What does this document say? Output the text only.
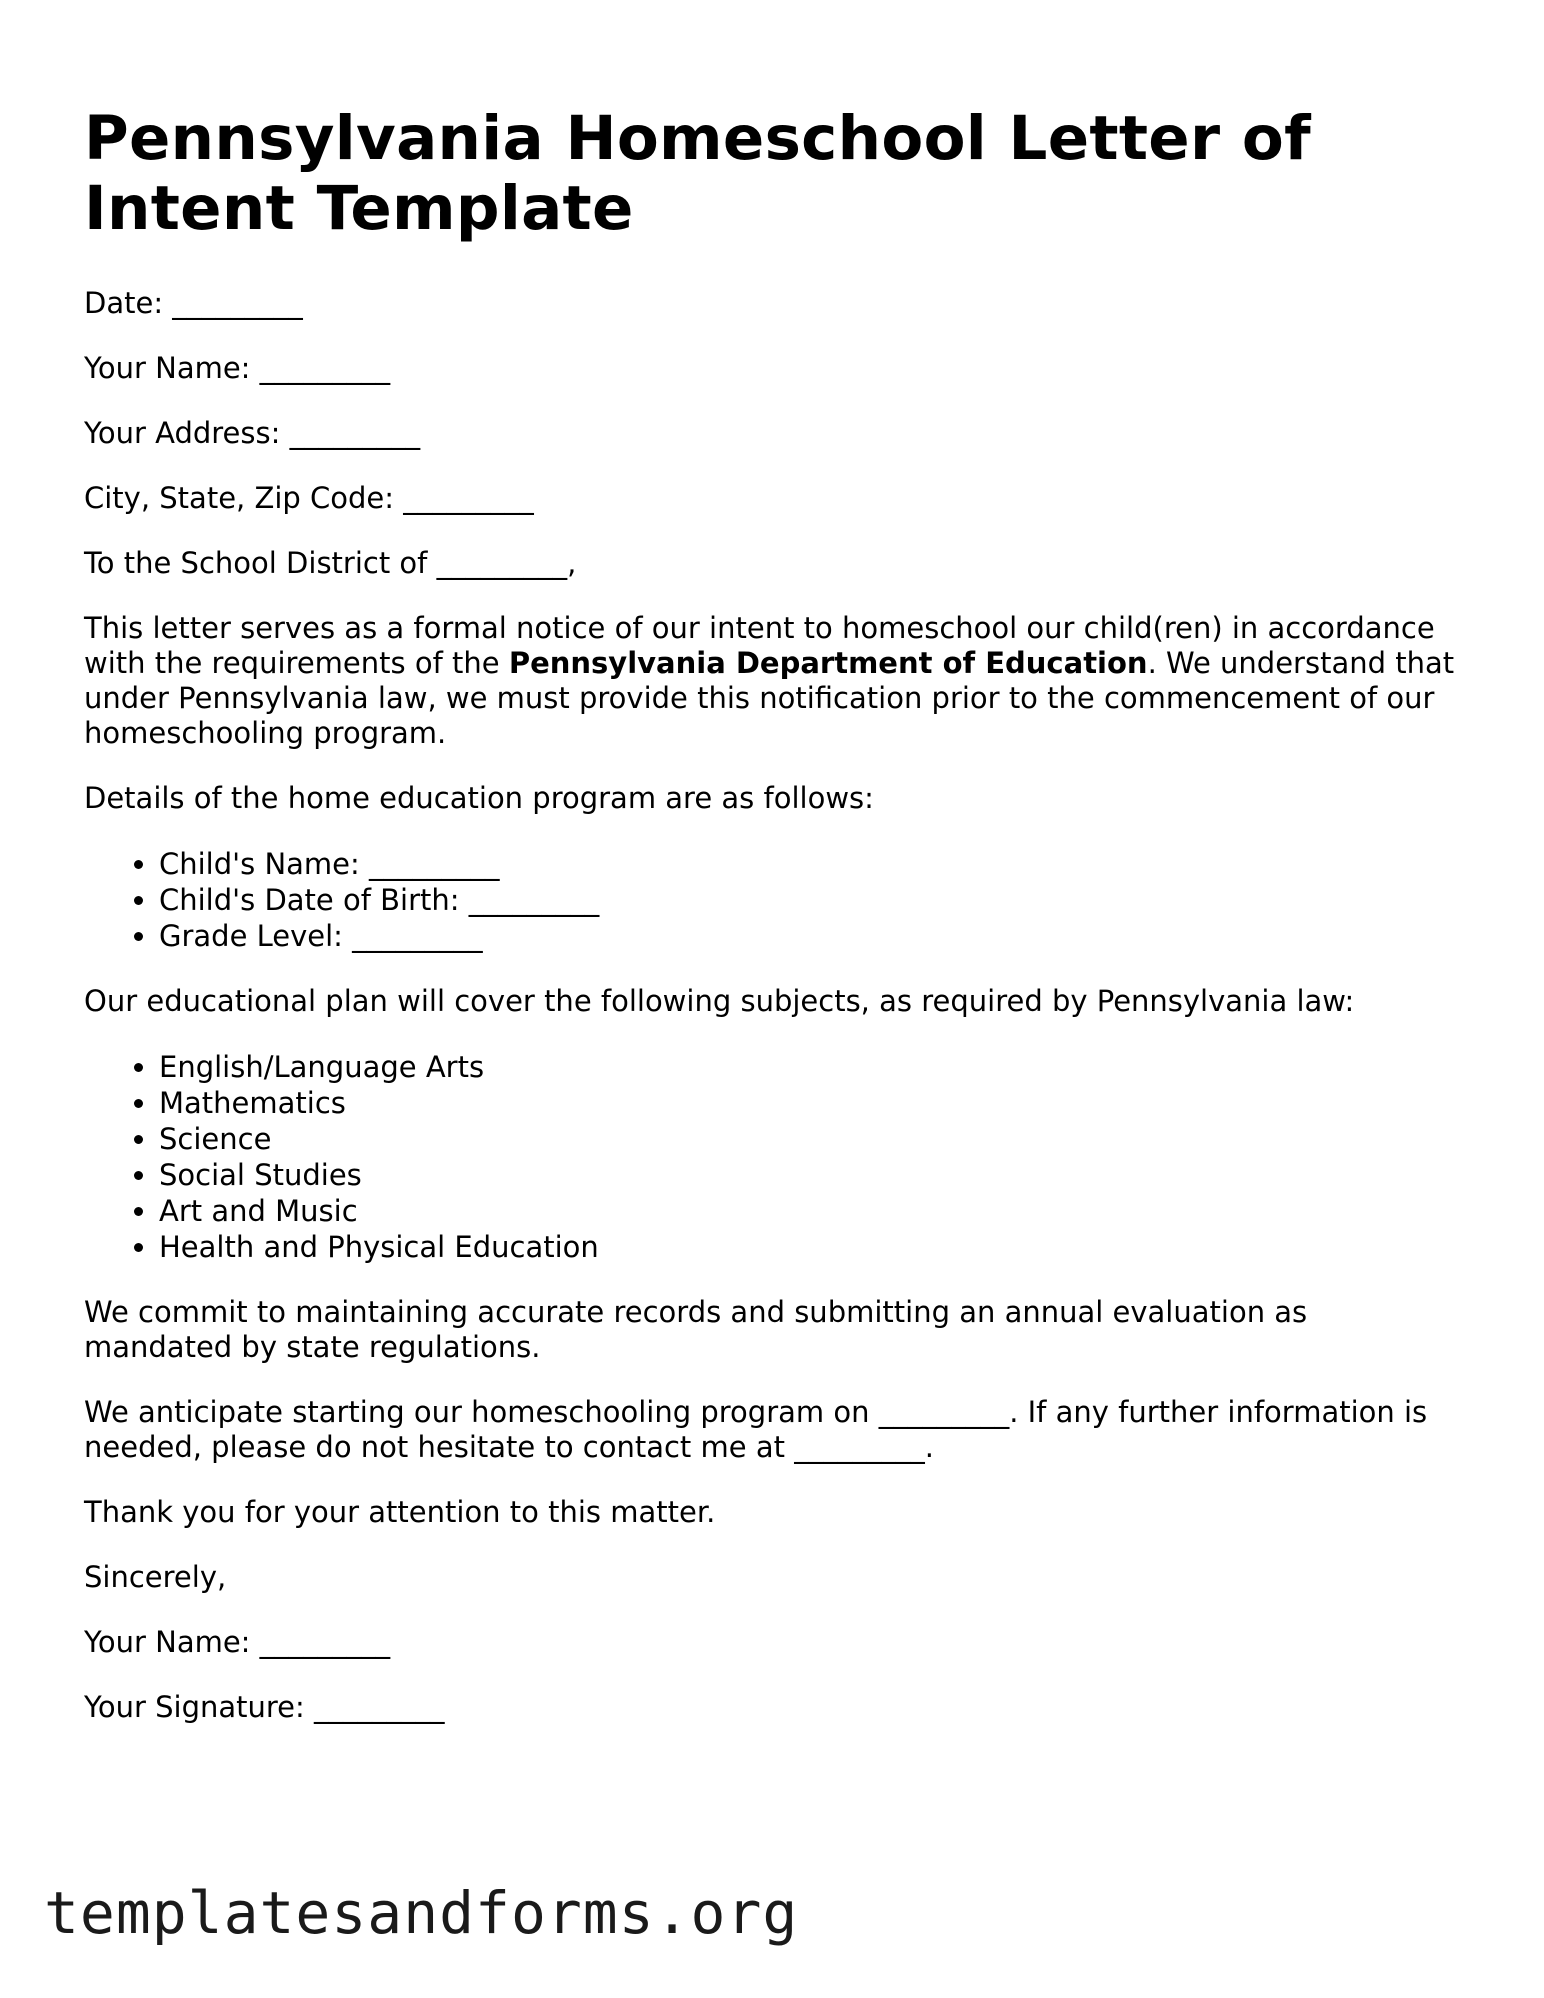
Pennsylvania Homeschool Letter of Intent Template

Date: _________

Your Name: _________

Your Address: _________

City, State, Zip Code: _________

To the School District of _________,

This letter serves as a formal notice of our intent to homeschool our child(ren) in accordance with the requirements of the Pennsylvania Department of Education. We understand that under Pennsylvania law, we must provide this notification prior to the commencement of our homeschooling program.

Details of the home education program are as follows:

• Child's Name: _________
• Child's Date of Birth: _________
• Grade Level: _________

Our educational plan will cover the following subjects, as required by Pennsylvania law:

• English/Language Arts
• Mathematics
• Science
• Social Studies
• Art and Music
• Health and Physical Education

We commit to maintaining accurate records and submitting an annual evaluation as mandated by state regulations.

We anticipate starting our homeschooling program on _________. If any further information is needed, please do not hesitate to contact me at _________.

Thank you for your attention to this matter.

Sincerely,

Your Name: _________

Your Signature: _________

templatesandforms.org
